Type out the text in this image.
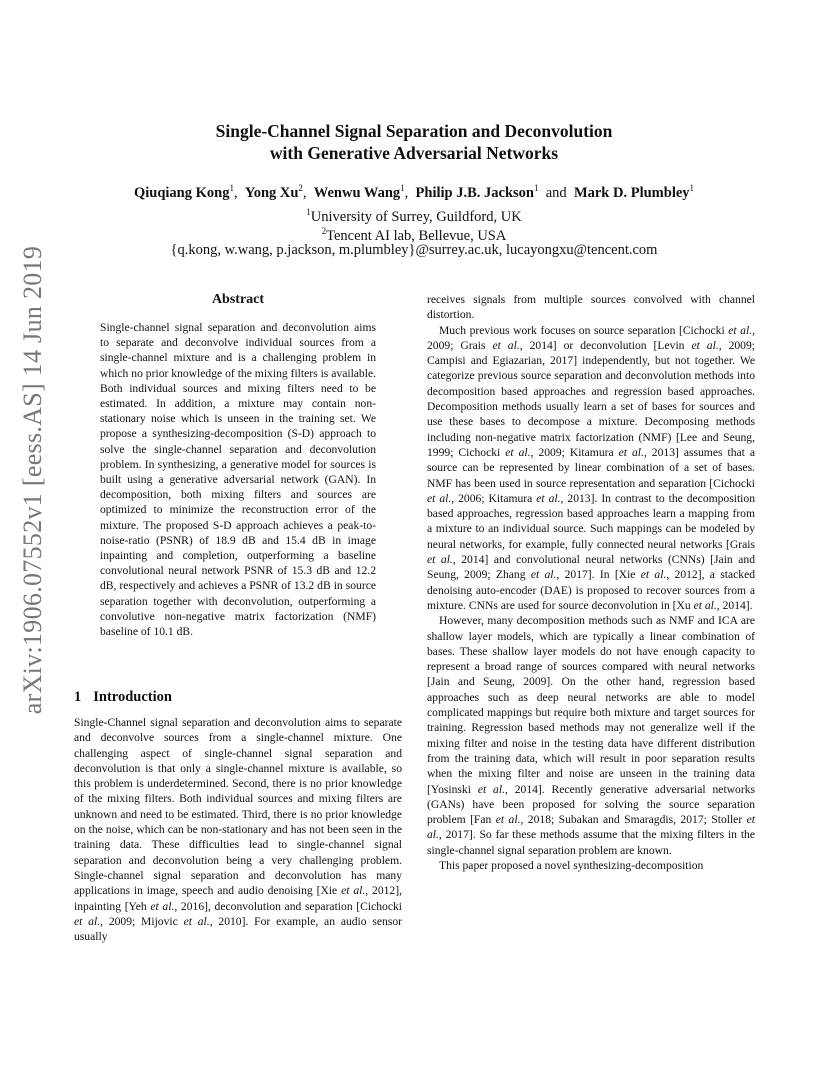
arXiv:1906.07552v1 [eess.AS] 14 Jun 2019
Single-Channel Signal Separation and Deconvolution
with Generative Adversarial Networks
Qiuqiang Kong$^1$, Yong Xu$^2$, Wenwu Wang$^1$, Philip J.B. Jackson$^1$ and Mark D. Plumbley$^1$
$^1$University of Surrey, Guildford, UK
$^2$Tencent AI lab, Bellevue, USA
{q.kong, w.wang, p.jackson, m.plumbley}@surrey.ac.uk, lucayongxu@tencent.com
Abstract
Single-channel signal separation and deconvolution aims to separate and deconvolve individual sources from a single-channel mixture and is a challenging problem in which no prior knowledge of the mixing filters is available. Both individual sources and mixing filters need to be estimated. In addition, a mixture may contain non-stationary noise which is unseen in the training set. We propose a synthesizing-decomposition (S-D) approach to solve the single-channel separation and deconvolution problem. In synthesizing, a generative model for sources is built using a generative adversarial network (GAN). In decomposition, both mixing filters and sources are optimized to minimize the reconstruction error of the mixture. The proposed S-D approach achieves a peak-to-noise-ratio (PSNR) of 18.9 dB and 15.4 dB in image inpainting and completion, outperforming a baseline convolutional neural network PSNR of 15.3 dB and 12.2 dB, respectively and achieves a PSNR of 13.2 dB in source separation together with deconvolution, outperforming a convolutive non-negative matrix factorization (NMF) baseline of 10.1 dB.
1 Introduction

Single-Channel signal separation and deconvolution aims to separate and deconvolve sources from a single-channel mixture. One challenging aspect of single-channel signal separation and deconvolution is that only a single-channel mixture is available, so this problem is underdetermined. Second, there is no prior knowledge of the mixing filters. Both individual sources and mixing filters are unknown and need to be estimated. Third, there is no prior knowledge on the noise, which can be non-stationary and has not been seen in the training data. These difficulties lead to single-channel signal separation and deconvolution being a very challenging problem. Single-channel signal separation and deconvolution has many applications in image, speech and audio denoising [Xie et al., 2012], inpainting [Yeh et al., 2016], deconvolution and separation [Cichocki et al., 2009; Mijovic et al., 2010]. For example, an audio sensor usually

receives signals from multiple sources convolved with channel distortion.

Much previous work focuses on source separation [Cichocki et al., 2009; Grais et al., 2014] or deconvolution [Levin et al., 2009; Campisi and Egiazarian, 2017] independently, but not together. We categorize previous source separation and deconvolution methods into decomposition based approaches and regression based approaches. Decomposition methods usually learn a set of bases for sources and use these bases to decompose a mixture. Decomposing methods including non-negative matrix factorization (NMF) [Lee and Seung, 1999; Cichocki et al., 2009; Kitamura et al., 2013] assumes that a source can be represented by linear combination of a set of bases. NMF has been used in source representation and separation [Cichocki et al., 2006; Kitamura et al., 2013]. In contrast to the decomposition based approaches, regression based approaches learn a mapping from a mixture to an individual source. Such mappings can be modeled by neural networks, for example, fully connected neural networks [Grais et al., 2014] and convolutional neural networks (CNNs) [Jain and Seung, 2009; Zhang et al., 2017]. In [Xie et al., 2012], a stacked denoising auto-encoder (DAE) is proposed to recover sources from a mixture. CNNs are used for source deconvolution in [Xu et al., 2014].

However, many decomposition methods such as NMF and ICA are shallow layer models, which are typically a linear combination of bases. These shallow layer models do not have enough capacity to represent a broad range of sources compared with neural networks [Jain and Seung, 2009]. On the other hand, regression based approaches such as deep neural networks are able to model complicated mappings but require both mixture and target sources for training. Regression based methods may not generalize well if the mixing filter and noise in the testing data have different distribution from the training data, which will result in poor separation results when the mixing filter and noise are unseen in the training data [Yosinski et al., 2014]. Recently generative adversarial networks (GANs) have been proposed for solving the source separation problem [Fan et al., 2018; Subakan and Smaragdis, 2017; Stoller et al., 2017]. So far these methods assume that the mixing filters in the single-channel signal separation problem are known.

This paper proposed a novel synthesizing-decomposition
